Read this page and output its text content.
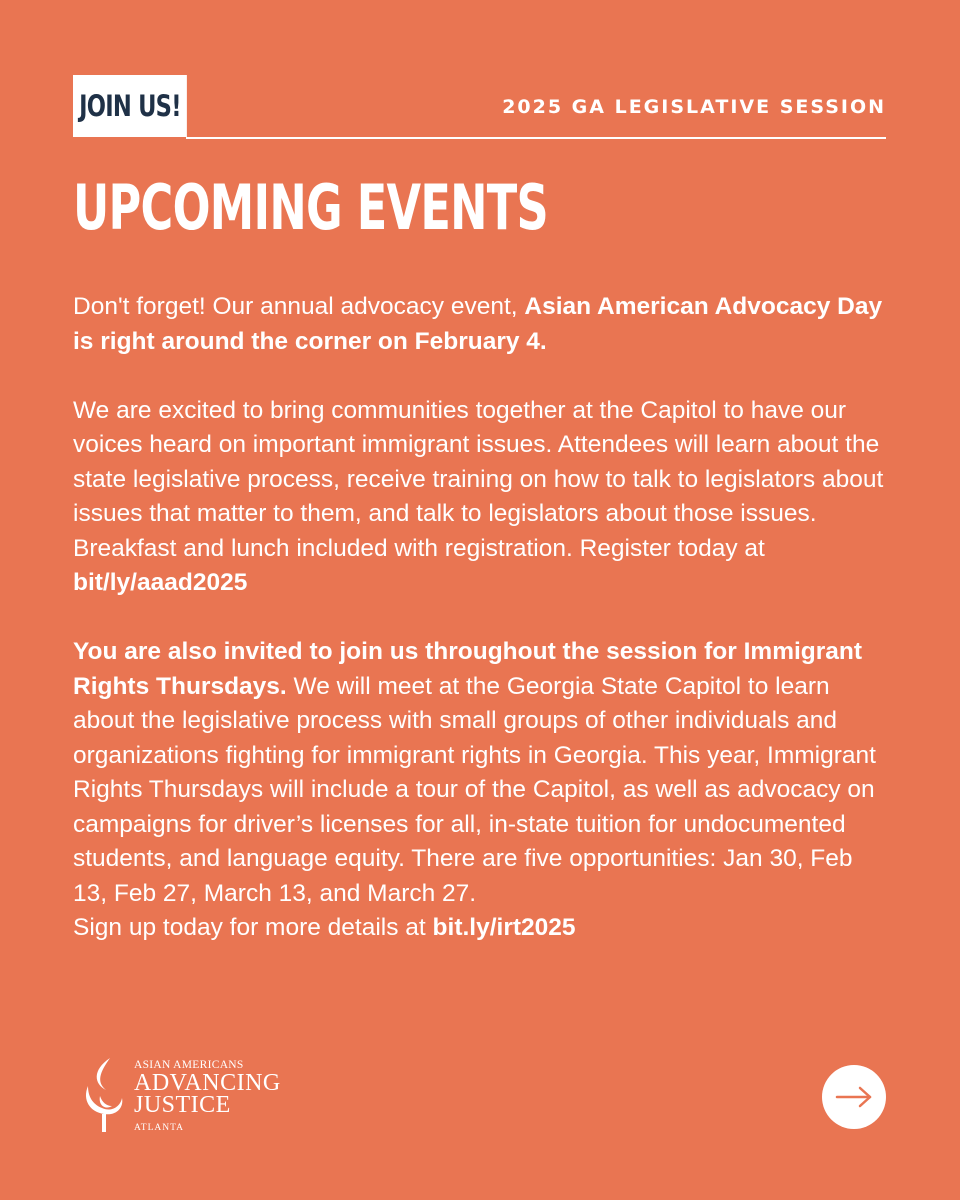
JOIN US!	2025 GA LEGISLATIVE SESSION
UPCOMING EVENTS

Don't forget! Our annual advocacy event, Asian American Advocacy Day is right around the corner on February 4.

We are excited to bring communities together at the Capitol to have our voices heard on important immigrant issues. Attendees will learn about the state legislative process, receive training on how to talk to legislators about issues that matter to them, and talk to legislators about those issues. Breakfast and lunch included with registration. Register today at bit/ly/aaad2025

You are also invited to join us throughout the session for Immigrant Rights Thursdays. We will meet at the Georgia State Capitol to learn about the legislative process with small groups of other individuals and organizations fighting for immigrant rights in Georgia. This year, Immigrant Rights Thursdays will include a tour of the Capitol, as well as advocacy on campaigns for driver’s licenses for all, in-state tuition for undocumented students, and language equity. There are five opportunities: Jan 30, Feb 13, Feb 27, March 13, and March 27.

Sign up today for more details at bit.ly/irt2025

ASIAN AMERICANS
ADVANCING
JUSTICE
ATLANTA
